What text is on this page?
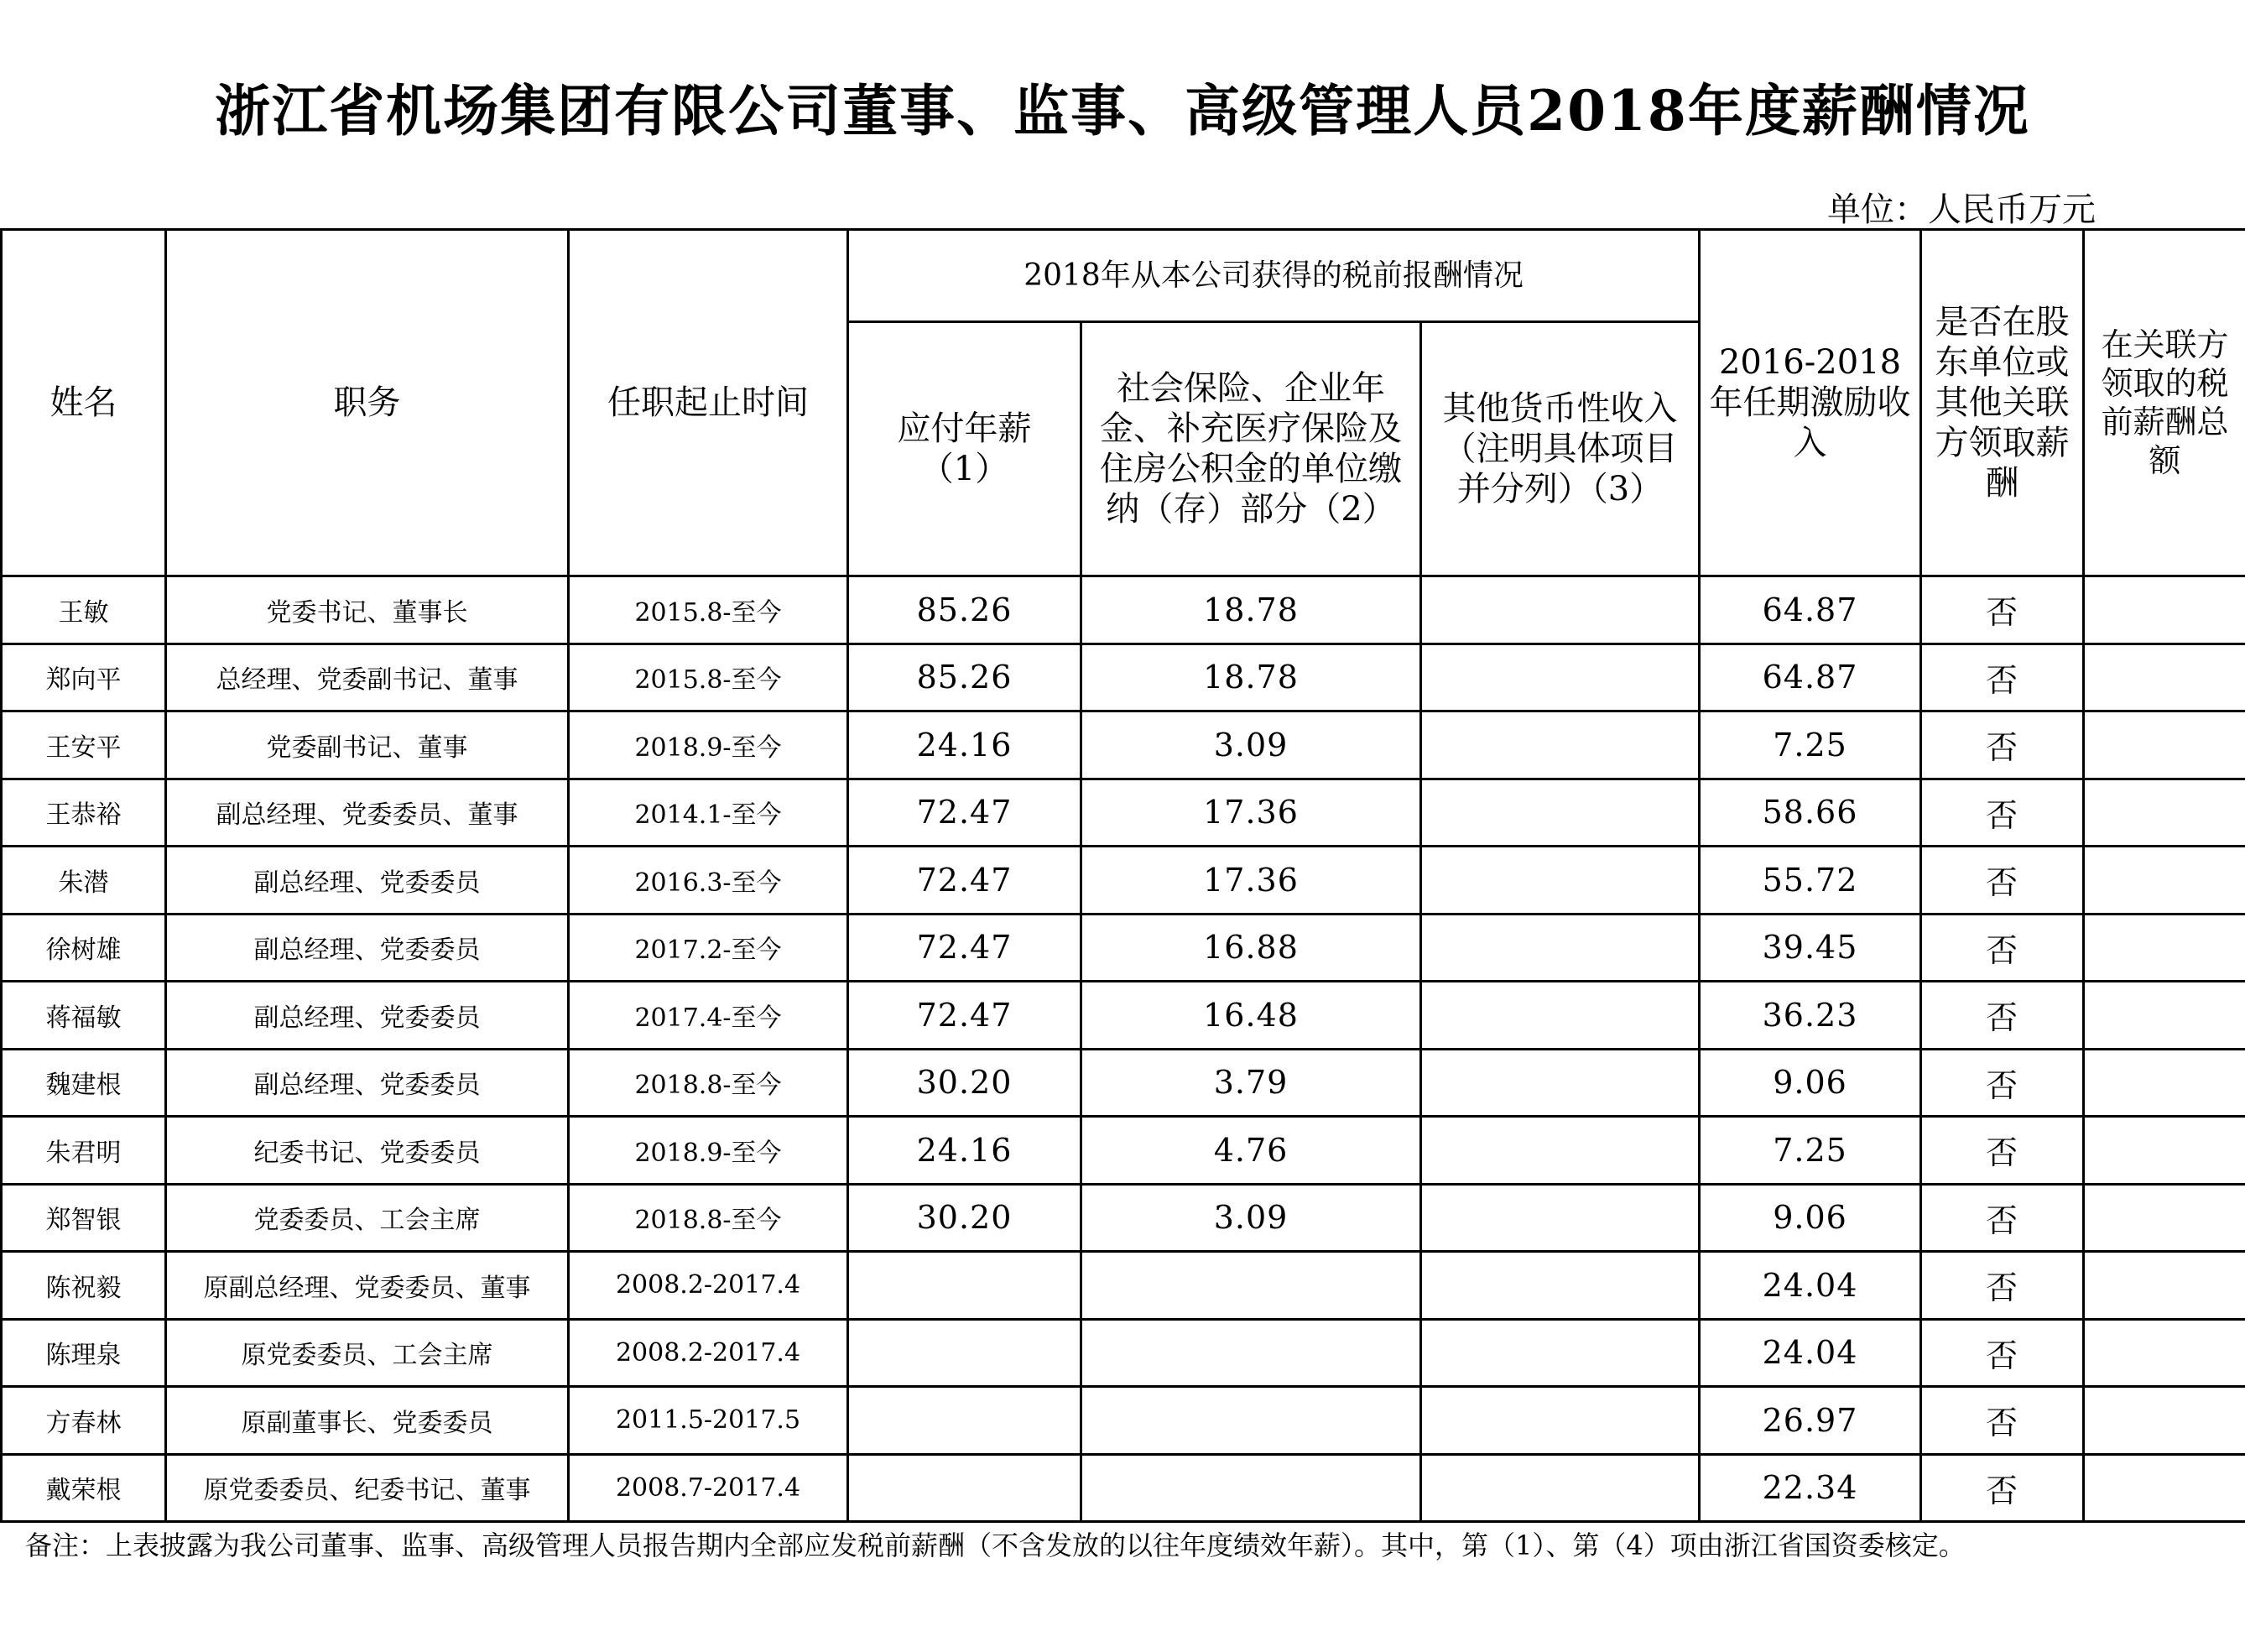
浙江省机场集团有限公司董事、监事、高级管理人员2018年度薪酬情况
单位：人民币万元
姓名	职务	任职起止时间	2018年从本公司获得的税前报酬情况			2016-2018年任期激励收入	是否在股东单位或其他关联方领取薪酬	在关联方领取的税前薪酬总额
			应付年薪（1）	社会保险、企业年金、补充医疗保险及住房公积金的单位缴纳（存）部分（2）	其他货币性收入（注明具体项目并分列）（3）			
王敏	党委书记、董事长	2015.8-至今	85.26	18.78		64.87	否	
郑向平	总经理、党委副书记、董事	2015.8-至今	85.26	18.78		64.87	否	
王安平	党委副书记、董事	2018.9-至今	24.16	3.09		7.25	否	
王恭裕	副总经理、党委委员、董事	2014.1-至今	72.47	17.36		58.66	否	
朱潜	副总经理、党委委员	2016.3-至今	72.47	17.36		55.72	否	
徐树雄	副总经理、党委委员	2017.2-至今	72.47	16.88		39.45	否	
蒋福敏	副总经理、党委委员	2017.4-至今	72.47	16.48		36.23	否	
魏建根	副总经理、党委委员	2018.8-至今	30.20	3.79		9.06	否	
朱君明	纪委书记、党委委员	2018.9-至今	24.16	4.76		7.25	否	
郑智银	党委委员、工会主席	2018.8-至今	30.20	3.09		9.06	否	
陈祝毅	原副总经理、党委委员、董事	2008.2-2017.4				24.04	否	
陈理泉	原党委委员、工会主席	2008.2-2017.4				24.04	否	
方春林	原副董事长、党委委员	2011.5-2017.5				26.97	否	
戴荣根	原党委委员、纪委书记、董事	2008.7-2017.4				22.34	否	
备注：上表披露为我公司董事、监事、高级管理人员报告期内全部应发税前薪酬（不含发放的以往年度绩效年薪）。其中，第（1）、第（4）项由浙江省国资委核定。
